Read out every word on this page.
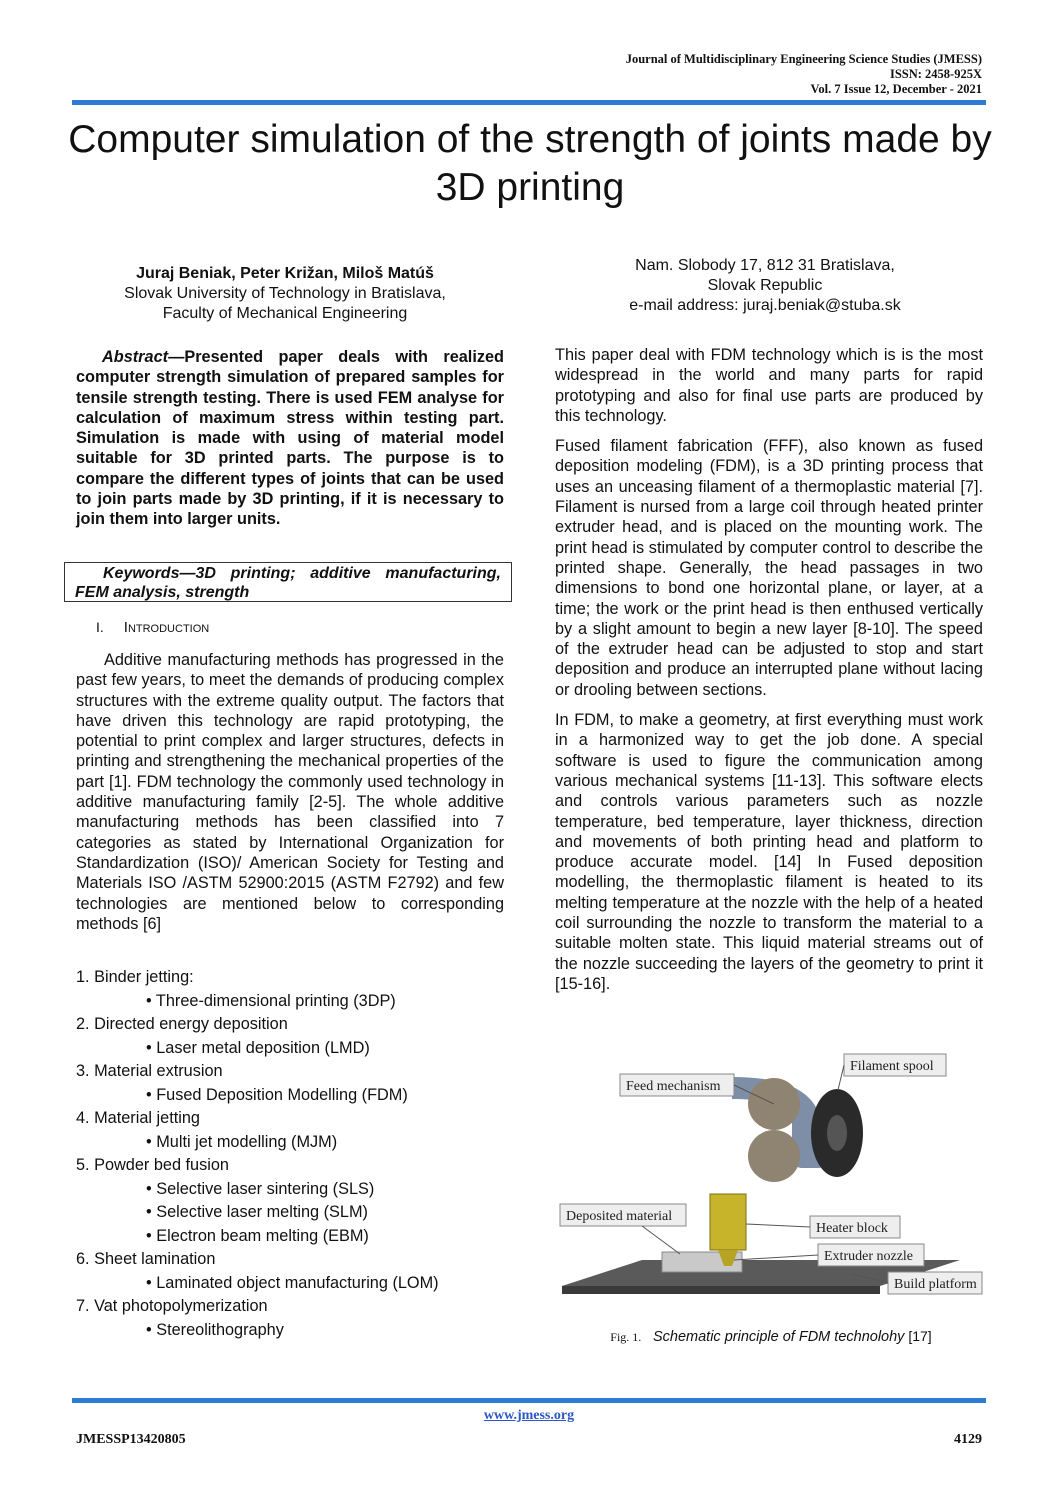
Journal of Multidisciplinary Engineering Science Studies (JMESS)
ISSN: 2458-925X
Vol. 7 Issue 12, December - 2021
Computer simulation of the strength of joints made by 3D printing
Juraj Beniak, Peter Križan, Miloš Matúš
Slovak University of Technology in Bratislava,
Faculty of Mechanical Engineering
Nam. Slobody 17, 812 31 Bratislava,
Slovak Republic
e-mail address: juraj.beniak@stuba.sk
Abstract—Presented paper deals with realized computer strength simulation of prepared samples for tensile strength testing. There is used FEM analyse for calculation of maximum stress within testing part. Simulation is made with using of material model suitable for 3D printed parts. The purpose is to compare the different types of joints that can be used to join parts made by 3D printing, if it is necessary to join them into larger units.
Keywords—3D printing; additive manufacturing, FEM analysis, strength
I. Introduction
Additive manufacturing methods has progressed in the past few years, to meet the demands of producing complex structures with the extreme quality output. The factors that have driven this technology are rapid prototyping, the potential to print complex and larger structures, defects in printing and strengthening the mechanical properties of the part [1]. FDM technology the commonly used technology in additive manufacturing family [2-5]. The whole additive manufacturing methods has been classified into 7 categories as stated by International Organization for Standardization (ISO)/ American Society for Testing and Materials ISO /ASTM 52900:2015 (ASTM F2792) and few technologies are mentioned below to corresponding methods [6]
1. Binder jetting:
• Three-dimensional printing (3DP)
2. Directed energy deposition
• Laser metal deposition (LMD)
3. Material extrusion
• Fused Deposition Modelling (FDM)
4. Material jetting
• Multi jet modelling (MJM)
5. Powder bed fusion
• Selective laser sintering (SLS)
• Selective laser melting (SLM)
• Electron beam melting (EBM)
6. Sheet lamination
• Laminated object manufacturing (LOM)
7. Vat photopolymerization
• Stereolithography

This paper deal with FDM technology which is is the most widespread in the world and many parts for rapid prototyping and also for final use parts are produced by this technology.

Fused filament fabrication (FFF), also known as fused deposition modeling (FDM), is a 3D printing process that uses an unceasing filament of a thermoplastic material [7]. Filament is nursed from a large coil through heated printer extruder head, and is placed on the mounting work. The print head is stimulated by computer control to describe the printed shape. Generally, the head passages in two dimensions to bond one horizontal plane, or layer, at a time; the work or the print head is then enthused vertically by a slight amount to begin a new layer [8-10]. The speed of the extruder head can be adjusted to stop and start deposition and produce an interrupted plane without lacing or drooling between sections.

In FDM, to make a geometry, at first everything must work in a harmonized way to get the job done. A special software is used to figure the communication among various mechanical systems [11-13]. This software elects and controls various parameters such as nozzle temperature, bed temperature, layer thickness, direction and movements of both printing head and platform to produce accurate model. [14] In Fused deposition modelling, the thermoplastic filament is heated to its melting temperature at the nozzle with the help of a heated coil surrounding the nozzle to transform the material to a suitable molten state. This liquid material streams out of the nozzle succeeding the layers of the geometry to print it [15-16].

Feed mechanism
Filament spool
Deposited material
Heater block
Extruder nozzle
Build platform
Fig. 1. Schematic principle of FDM technolohy [17]
www.jmess.org
JMESSP13420805	4129
